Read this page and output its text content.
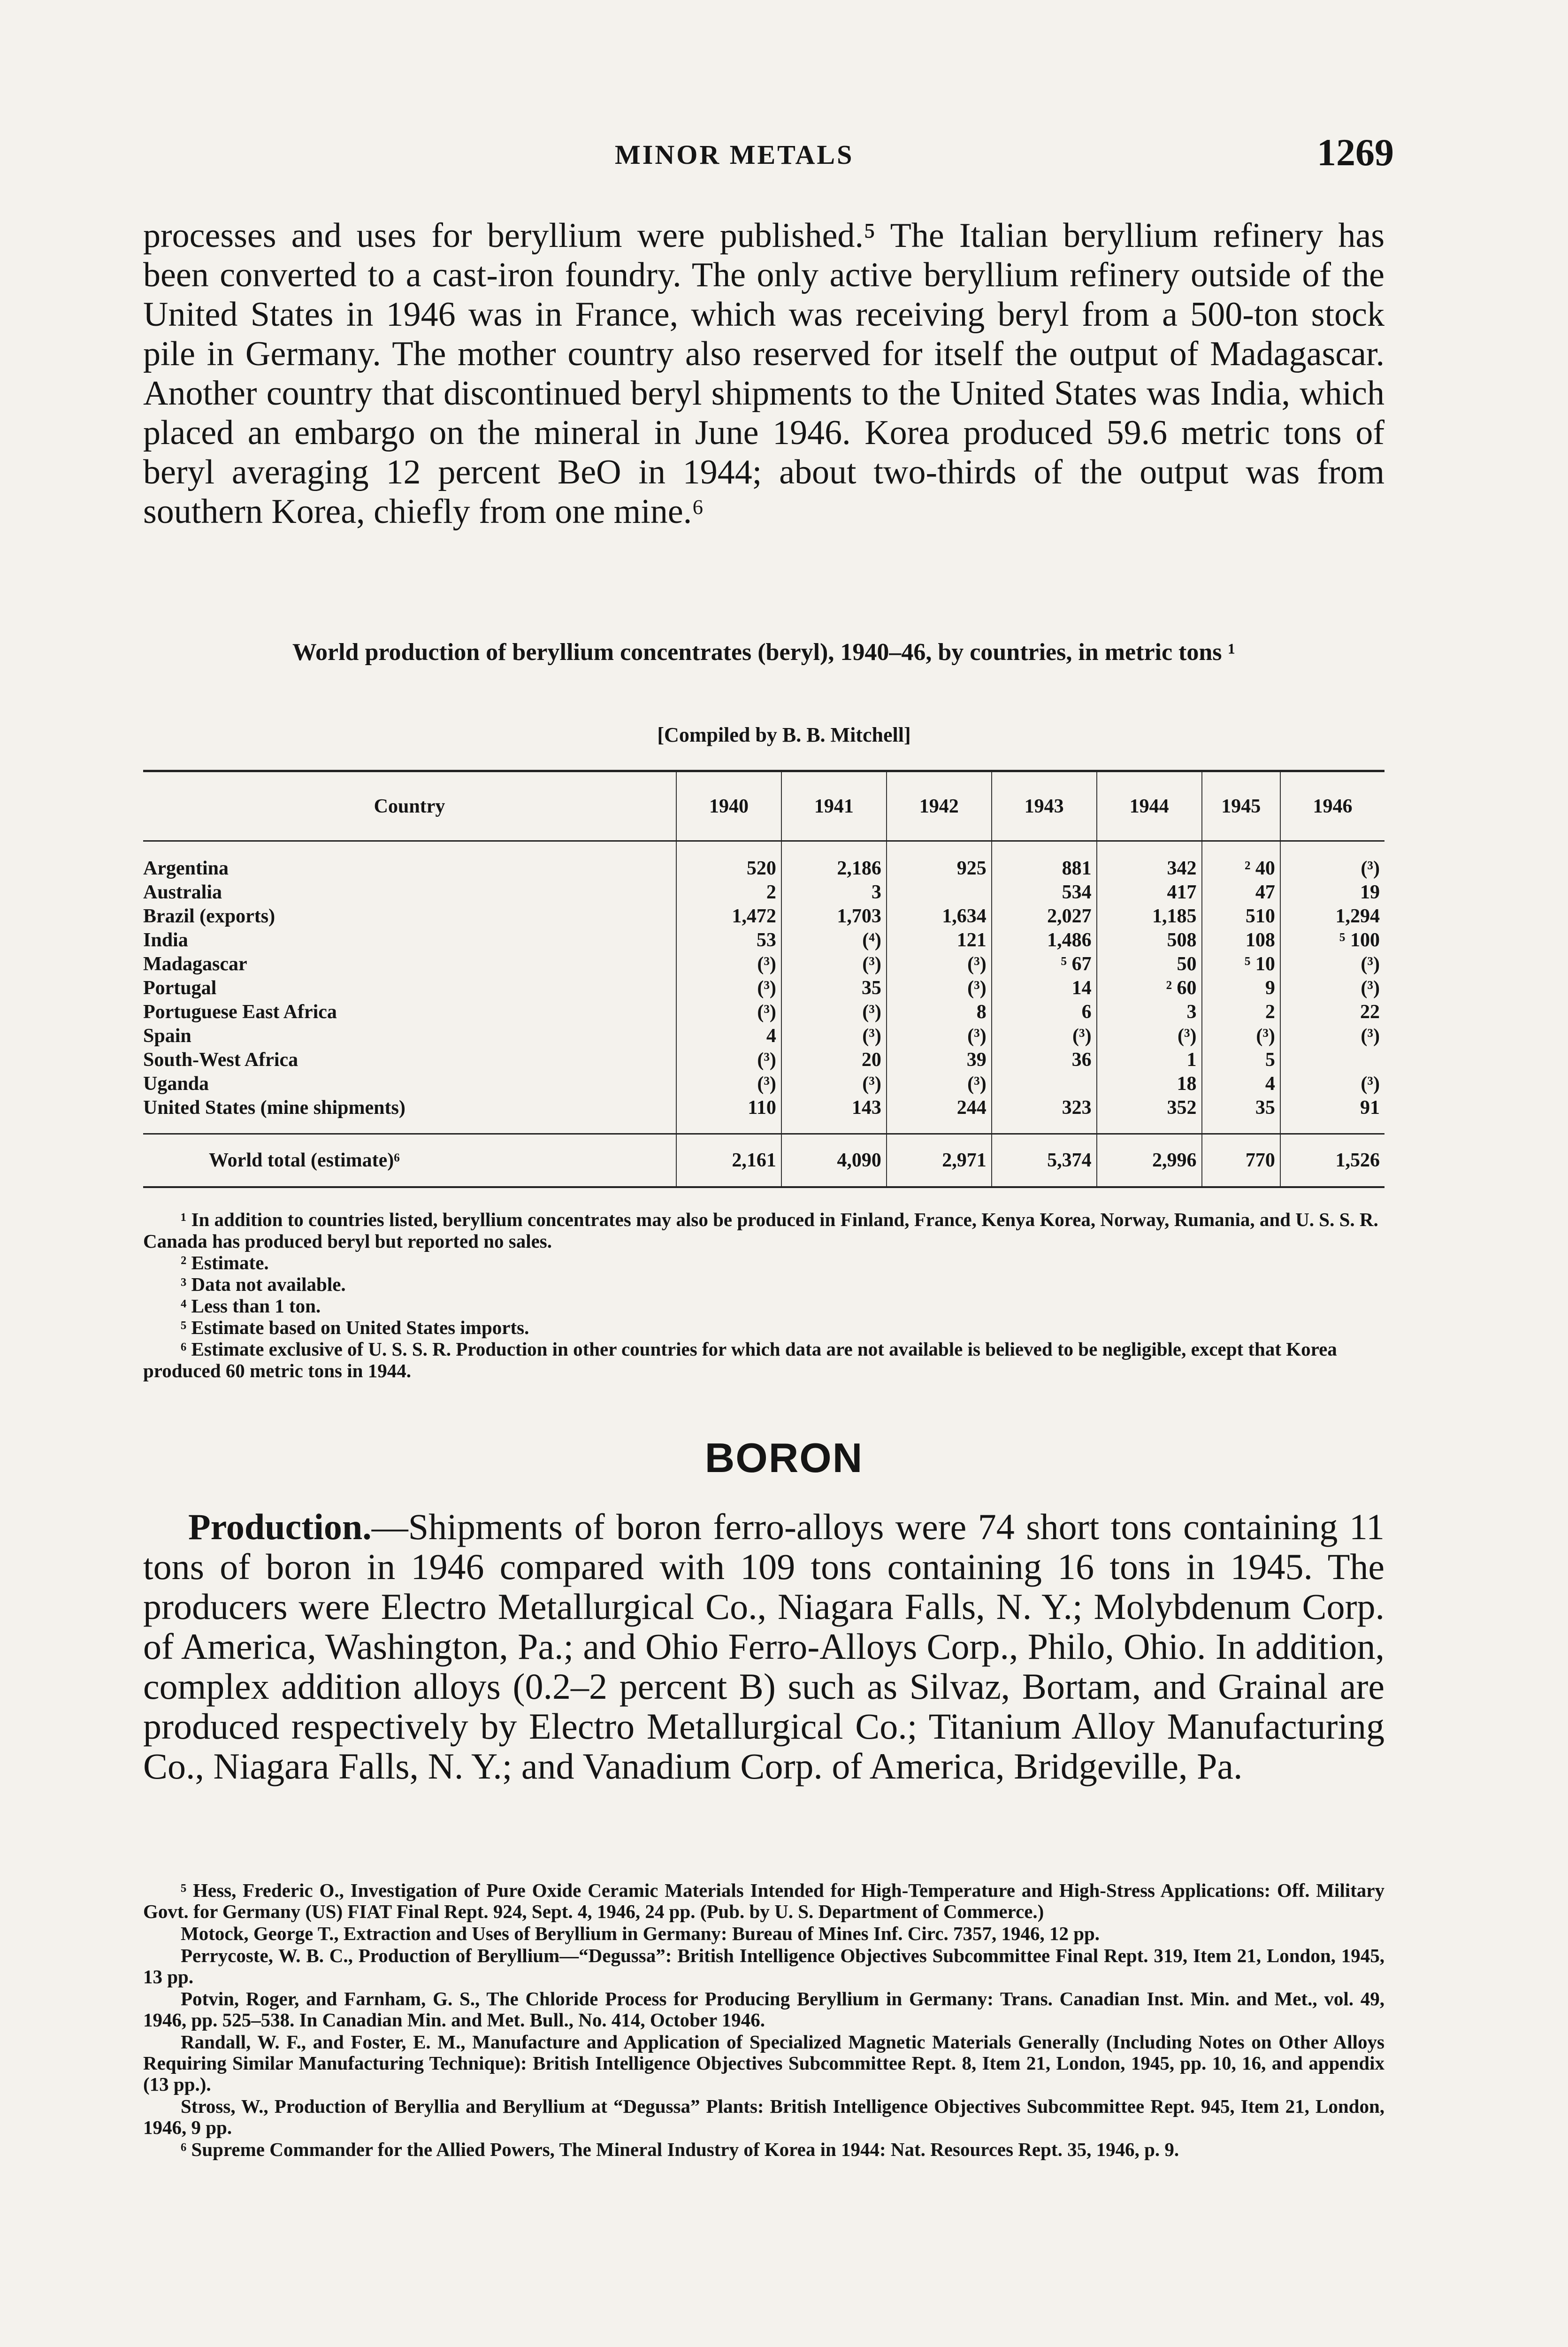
MINOR METALS	1269

processes and uses for beryllium were published.⁵ The Italian beryllium refinery has been converted to a cast-iron foundry. The only active beryllium refinery outside of the United States in 1946 was in France, which was receiving beryl from a 500-ton stock pile in Germany. The mother country also reserved for itself the output of Madagascar. Another country that discontinued beryl shipments to the United States was India, which placed an embargo on the mineral in June 1946. Korea produced 59.6 metric tons of beryl averaging 12 percent BeO in 1944; about two-thirds of the output was from southern Korea, chiefly from one mine.⁶

World production of beryllium concentrates (beryl), 1940–46, by countries, in metric tons ¹
[Compiled by B. B. Mitchell]
Country	1940	1941	1942	1943	1944	1945	1946
Argentina	520	2,186	925	881	342	² 40	(³)
Australia	2	3		534	417	47	19
Brazil (exports)	1,472	1,703	1,634	2,027	1,185	510	1,294
India	53	(⁴)	121	1,486	508	108	⁵ 100
Madagascar	(³)	(³)	(³)	⁵ 67	50	⁵ 10	(³)
Portugal	(³)	35	(³)	14	² 60	9	(³)
Portuguese East Africa	(³)	(³)	8	6	3	2	22
Spain	4	(³)	(³)	(³)	(³)	(³)	(³)
South-West Africa	(³)	20	39	36	1	5	
Uganda	(³)	(³)	(³)		18	4	(³)
United States (mine shipments)	110	143	244	323	352	35	91
World total (estimate)⁶	2,161	4,090	2,971	5,374	2,996	770	1,526

¹ In addition to countries listed, beryllium concentrates may also be produced in Finland, France, Kenya Korea, Norway, Rumania, and U. S. S. R. Canada has produced beryl but reported no sales.

² Estimate.

³ Data not available.

⁴ Less than 1 ton.

⁵ Estimate based on United States imports.

⁶ Estimate exclusive of U. S. S. R. Production in other countries for which data are not available is believed to be negligible, except that Korea produced 60 metric tons in 1944.

BORON

Production.—Shipments of boron ferro-alloys were 74 short tons containing 11 tons of boron in 1946 compared with 109 tons containing 16 tons in 1945. The producers were Electro Metallurgical Co., Niagara Falls, N. Y.; Molybdenum Corp. of America, Washington, Pa.; and Ohio Ferro-Alloys Corp., Philo, Ohio. In addition, complex addition alloys (0.2–2 percent B) such as Silvaz, Bortam, and Grainal are produced respectively by Electro Metallurgical Co.; Titanium Alloy Manufacturing Co., Niagara Falls, N. Y.; and Vanadium Corp. of America, Bridgeville, Pa.

⁵ Hess, Frederic O., Investigation of Pure Oxide Ceramic Materials Intended for High-Temperature and High-Stress Applications: Off. Military Govt. for Germany (US) FIAT Final Rept. 924, Sept. 4, 1946, 24 pp. (Pub. by U. S. Department of Commerce.)

Motock, George T., Extraction and Uses of Beryllium in Germany: Bureau of Mines Inf. Circ. 7357, 1946, 12 pp.

Perrycoste, W. B. C., Production of Beryllium—“Degussa”: British Intelligence Objectives Subcommittee Final Rept. 319, Item 21, London, 1945, 13 pp.

Potvin, Roger, and Farnham, G. S., The Chloride Process for Producing Beryllium in Germany: Trans. Canadian Inst. Min. and Met., vol. 49, 1946, pp. 525–538. In Canadian Min. and Met. Bull., No. 414, October 1946.

Randall, W. F., and Foster, E. M., Manufacture and Application of Specialized Magnetic Materials Generally (Including Notes on Other Alloys Requiring Similar Manufacturing Technique): British Intelligence Objectives Subcommittee Rept. 8, Item 21, London, 1945, pp. 10, 16, and appendix (13 pp.).

Stross, W., Production of Beryllia and Beryllium at “Degussa” Plants: British Intelligence Objectives Subcommittee Rept. 945, Item 21, London, 1946, 9 pp.

⁶ Supreme Commander for the Allied Powers, The Mineral Industry of Korea in 1944: Nat. Resources Rept. 35, 1946, p. 9.
